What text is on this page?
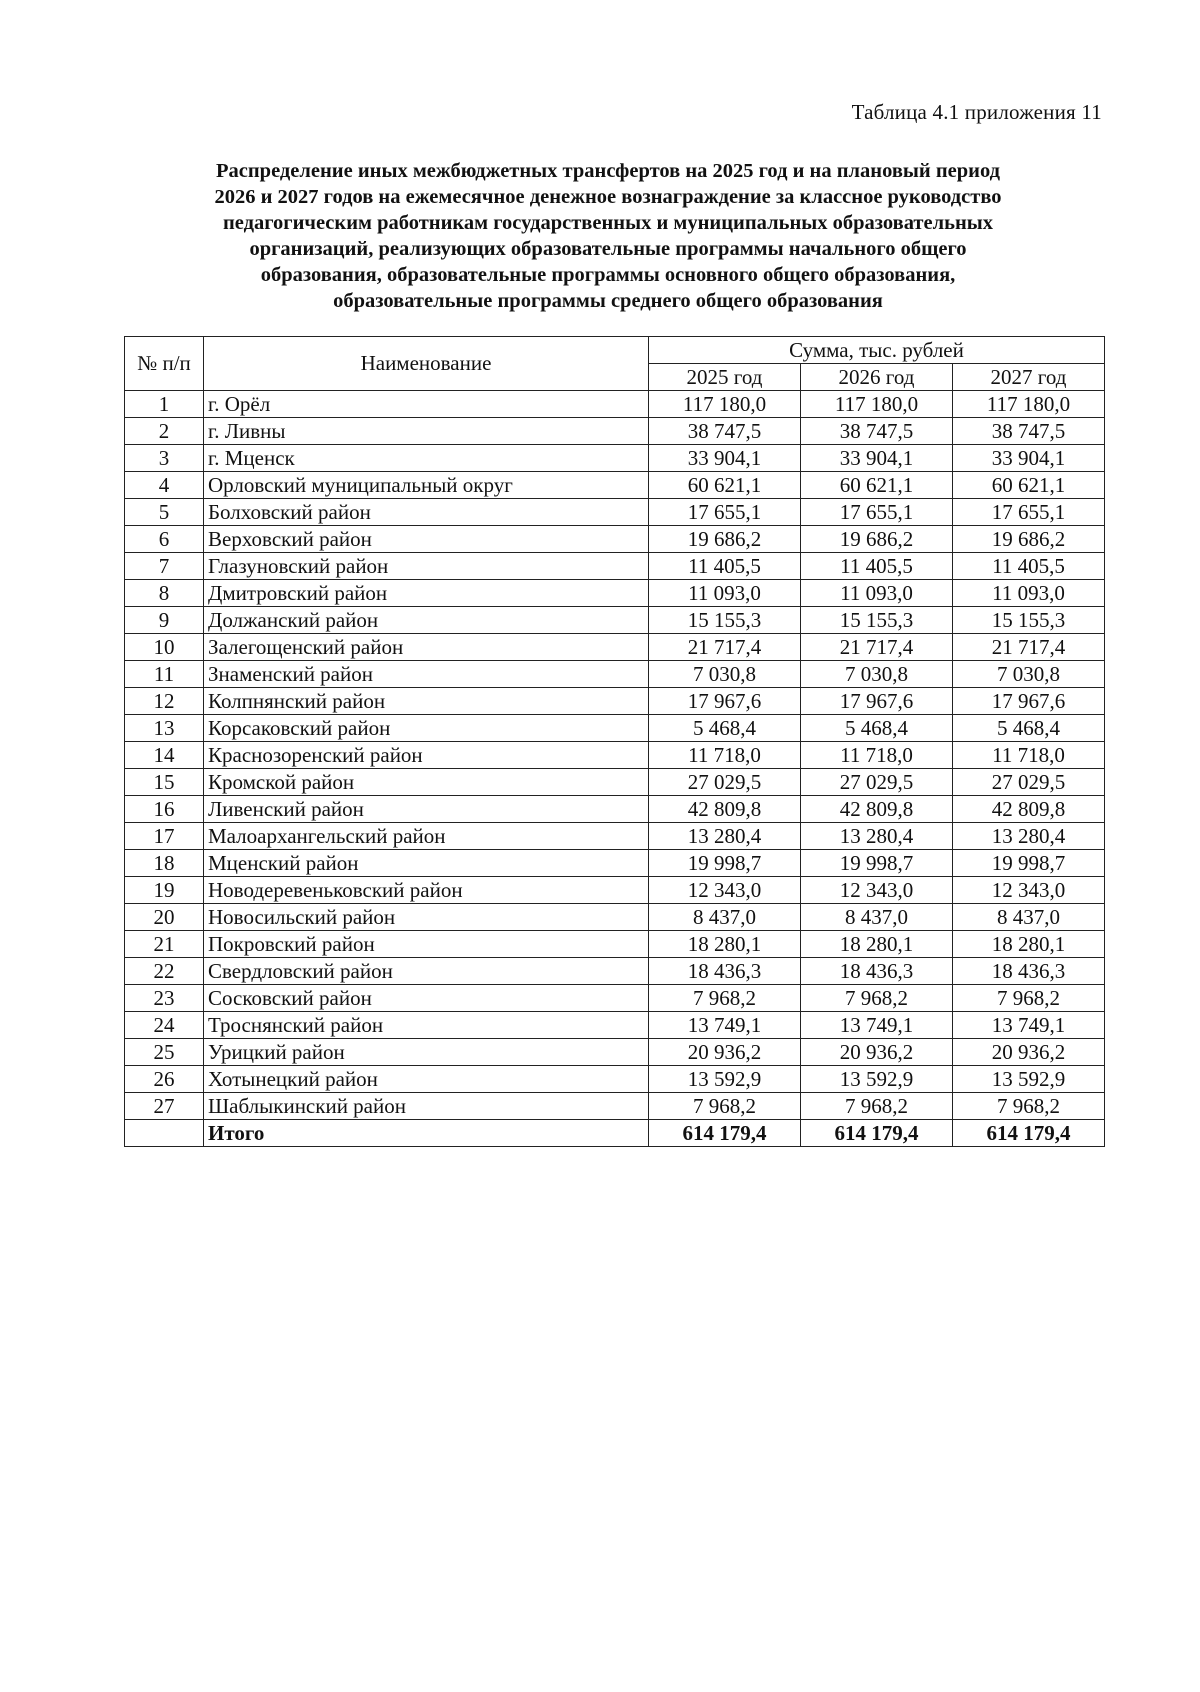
Таблица 4.1 приложения 11
Распределение иных межбюджетных трансфертов на 2025 год и на плановый период
2026 и 2027 годов на ежемесячное денежное вознаграждение за классное руководство
педагогическим работникам государственных и муниципальных образовательных
организаций, реализующих образовательные программы начального общего
образования, образовательные программы основного общего образования,
образовательные программы среднего общего образования
№ п/п	Наименование	Сумма, тыс. рублей		
		2025 год	2026 год	2027 год
1	г. Орёл	117 180,0	117 180,0	117 180,0
2	г. Ливны	38 747,5	38 747,5	38 747,5
3	г. Мценск	33 904,1	33 904,1	33 904,1
4	Орловский муниципальный округ	60 621,1	60 621,1	60 621,1
5	Болховский район	17 655,1	17 655,1	17 655,1
6	Верховский район	19 686,2	19 686,2	19 686,2
7	Глазуновский район	11 405,5	11 405,5	11 405,5
8	Дмитровский район	11 093,0	11 093,0	11 093,0
9	Должанский район	15 155,3	15 155,3	15 155,3
10	Залегощенский район	21 717,4	21 717,4	21 717,4
11	Знаменский район	7 030,8	7 030,8	7 030,8
12	Колпнянский район	17 967,6	17 967,6	17 967,6
13	Корсаковский район	5 468,4	5 468,4	5 468,4
14	Краснозоренский район	11 718,0	11 718,0	11 718,0
15	Кромской район	27 029,5	27 029,5	27 029,5
16	Ливенский район	42 809,8	42 809,8	42 809,8
17	Малоархангельский район	13 280,4	13 280,4	13 280,4
18	Мценский район	19 998,7	19 998,7	19 998,7
19	Новодеревеньковский район	12 343,0	12 343,0	12 343,0
20	Новосильский район	8 437,0	8 437,0	8 437,0
21	Покровский район	18 280,1	18 280,1	18 280,1
22	Свердловский район	18 436,3	18 436,3	18 436,3
23	Сосковский район	7 968,2	7 968,2	7 968,2
24	Троснянский район	13 749,1	13 749,1	13 749,1
25	Урицкий район	20 936,2	20 936,2	20 936,2
26	Хотынецкий район	13 592,9	13 592,9	13 592,9
27	Шаблыкинский район	7 968,2	7 968,2	7 968,2
	Итого	614 179,4	614 179,4	614 179,4
